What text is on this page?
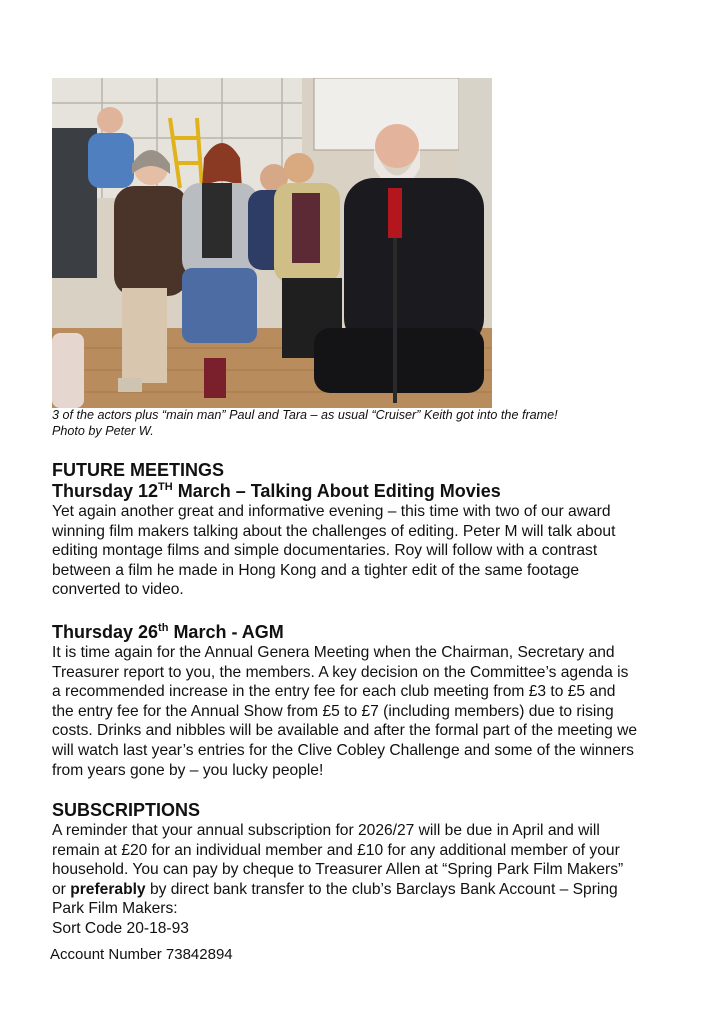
3 of the actors plus “main man” Paul and Tara – as usual “Cruiser” Keith got into the frame!
Photo by Peter W.
FUTURE MEETINGS
Thursday 12TH March – Talking About Editing Movies

Yet again another great and informative evening – this time with two of our award
winning film makers talking about the challenges of editing. Peter M will talk about
editing montage films and simple documentaries. Roy will follow with a contrast
between a film he made in Hong Kong and a tighter edit of the same footage
converted to video.

Thursday 26th March - AGM

It is time again for the Annual Genera Meeting when the Chairman, Secretary and
Treasurer report to you, the members. A key decision on the Committee’s agenda is
a recommended increase in the entry fee for each club meeting from £3 to £5 and
the entry fee for the Annual Show from £5 to £7 (including members) due to rising
costs. Drinks and nibbles will be available and after the formal part of the meeting we
will watch last year’s entries for the Clive Cobley Challenge and some of the winners
from years gone by – you lucky people!

SUBSCRIPTIONS

A reminder that your annual subscription for 2026/27 will be due in April and will
remain at £20 for an individual member and £10 for any additional member of your
household. You can pay by cheque to Treasurer Allen at “Spring Park Film Makers”
or preferably by direct bank transfer to the club’s Barclays Bank Account – Spring
Park Film Makers:
Sort Code 20-18-93

Account Number 73842894
